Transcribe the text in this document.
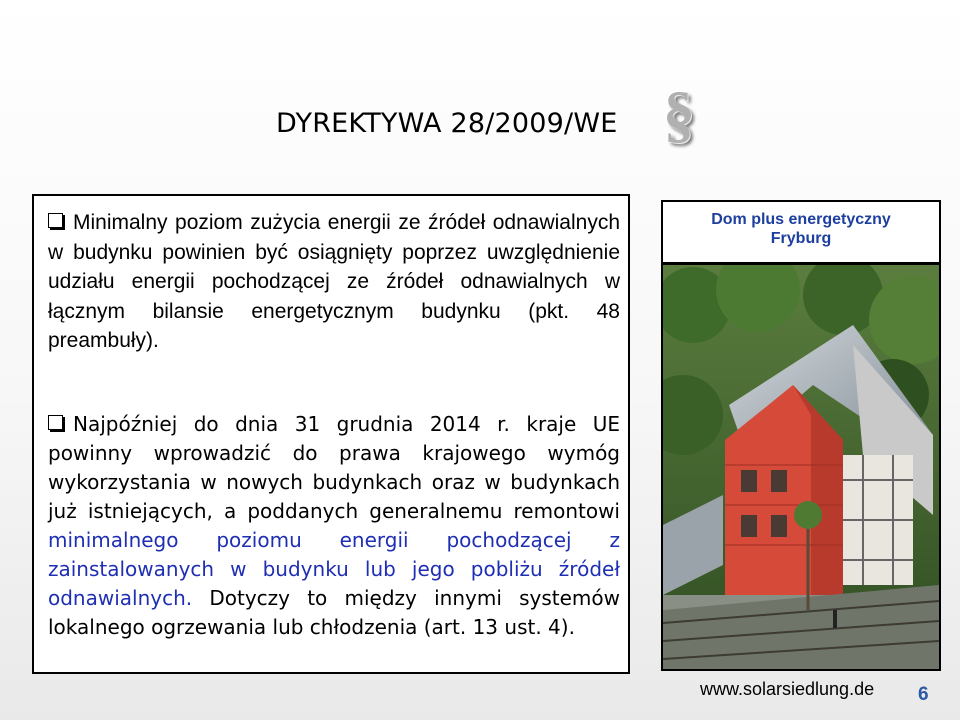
DYREKTYWA 28/2009/WE §
Minimalny poziom zużycia energii ze źródeł odnawialnych w budynku powinien być osiągnięty poprzez uwzględnienie udziału energii pochodzącej ze źródeł odnawialnych w łącznym bilansie energetycznym budynku (pkt. 48 preambuły).
Najpóźniej do dnia 31 grudnia 2014 r. kraje UE powinny wprowadzić do prawa krajowego wymóg wykorzystania w nowych budynkach oraz w budynkach już istniejących, a poddanych generalnemu remontowi minimalnego poziomu energii pochodzącej z zainstalowanych w budynku lub jego pobliżu źródeł odnawialnych. Dotyczy to między innymi systemów lokalnego ogrzewania lub chłodzenia (art. 13 ust. 4).
Dom plus energetyczny
Fryburg
www.solarsiedlung.de 6
